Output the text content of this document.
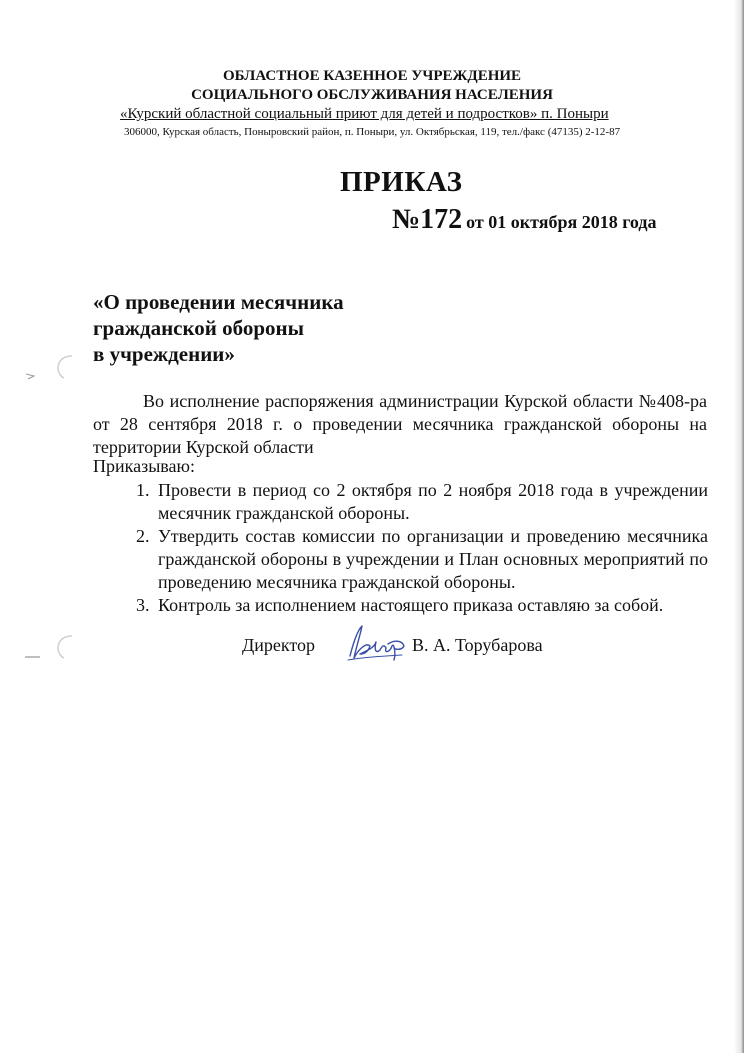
ОБЛАСТНОЕ КАЗЕННОЕ УЧРЕЖДЕНИЕ
СОЦИАЛЬНОГО ОБСЛУЖИВАНИЯ НАСЕЛЕНИЯ
«Курский областной социальный приют для детей и подростков» п. Поныри
306000, Курская область, Поныровский район, п. Поныри, ул. Октябрьская, 119, тел./факс (47135) 2-12-87
ПРИКАЗ
№172 от 01 октября 2018 года
«О проведении месячника
гражданской обороны
в учреждении»
Во исполнение распоряжения администрации Курской области №408-ра от 28 сентября 2018 г. о проведении месячника гражданской обороны на территории Курской области
Приказываю:
1. Провести в период со 2 октября по 2 ноября 2018 года в учреждении месячник гражданской обороны.
2. Утвердить состав комиссии по организации и проведению месячника гражданской обороны в учреждении и План основных мероприятий по проведению месячника гражданской обороны.
3. Контроль за исполнением настоящего приказа оставляю за собой.
Директор	В. А. Торубарова
